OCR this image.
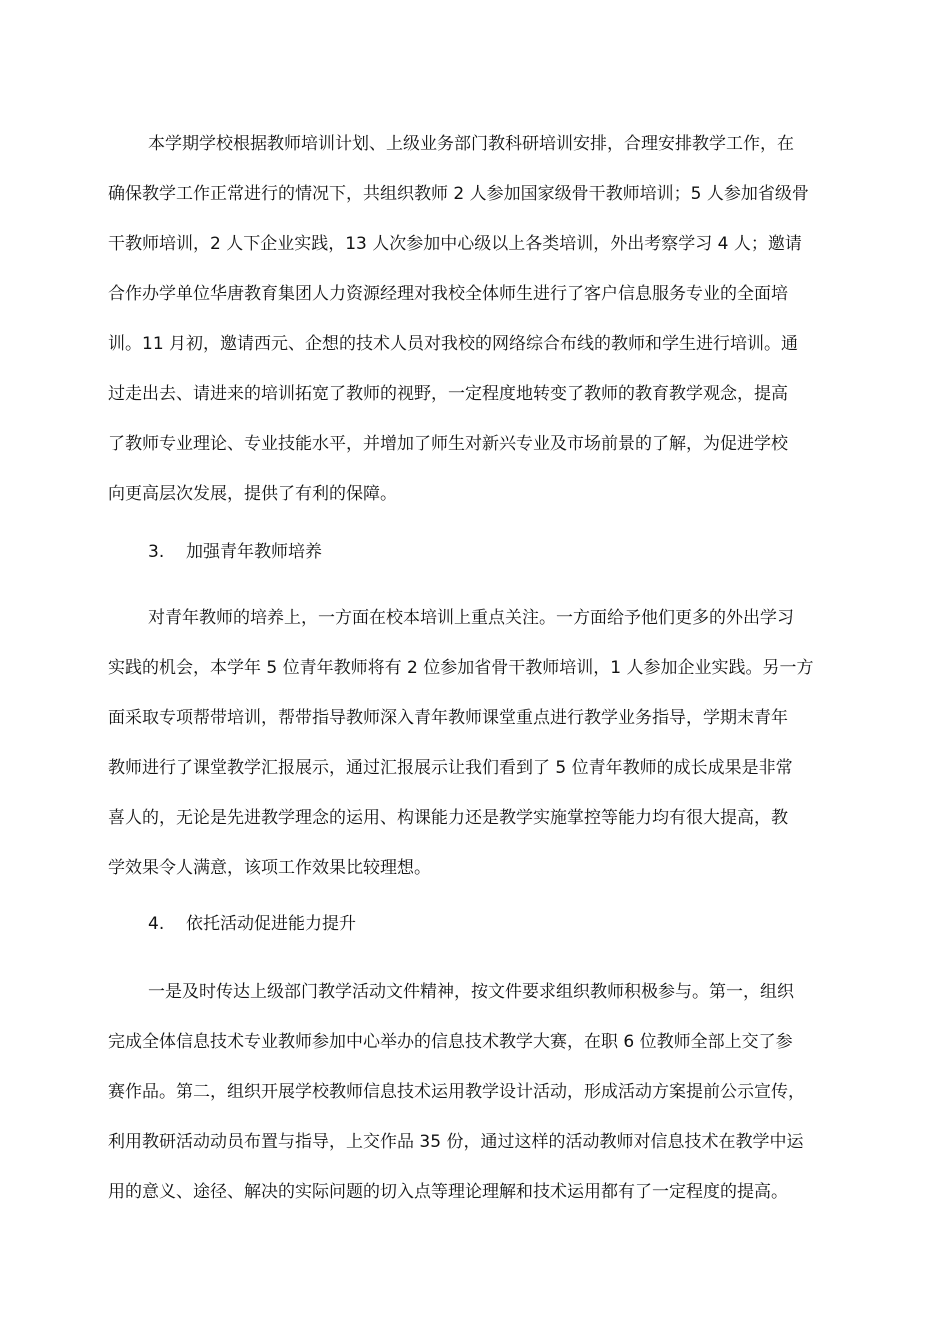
本学期学校根据教师培训计划、上级业务部门教科研培训安排，合理安排教学工作，在
确保教学工作正常进行的情况下，共组织教师 2 人参加国家级骨干教师培训；5 人参加省级骨
干教师培训，2 人下企业实践，13 人次参加中心级以上各类培训，外出考察学习 4 人；邀请
合作办学单位华唐教育集团人力资源经理对我校全体师生进行了客户信息服务专业的全面培
训。11 月初，邀请西元、企想的技术人员对我校的网络综合布线的教师和学生进行培训。通
过走出去、请进来的培训拓宽了教师的视野，一定程度地转变了教师的教育教学观念，提高
了教师专业理论、专业技能水平，并增加了师生对新兴专业及市场前景的了解，为促进学校
向更高层次发展，提供了有利的保障。
3. 加强青年教师培养
对青年教师的培养上，一方面在校本培训上重点关注。一方面给予他们更多的外出学习
实践的机会，本学年 5 位青年教师将有 2 位参加省骨干教师培训，1 人参加企业实践。另一方
面采取专项帮带培训，帮带指导教师深入青年教师课堂重点进行教学业务指导，学期末青年
教师进行了课堂教学汇报展示，通过汇报展示让我们看到了 5 位青年教师的成长成果是非常
喜人的，无论是先进教学理念的运用、构课能力还是教学实施掌控等能力均有很大提高，教
学效果令人满意，该项工作效果比较理想。
4. 依托活动促进能力提升
一是及时传达上级部门教学活动文件精神，按文件要求组织教师积极参与。第一，组织
完成全体信息技术专业教师参加中心举办的信息技术教学大赛，在职 6 位教师全部上交了参
赛作品。第二，组织开展学校教师信息技术运用教学设计活动，形成活动方案提前公示宣传，
利用教研活动动员布置与指导，上交作品 35 份，通过这样的活动教师对信息技术在教学中运
用的意义、途径、解决的实际问题的切入点等理论理解和技术运用都有了一定程度的提高。
